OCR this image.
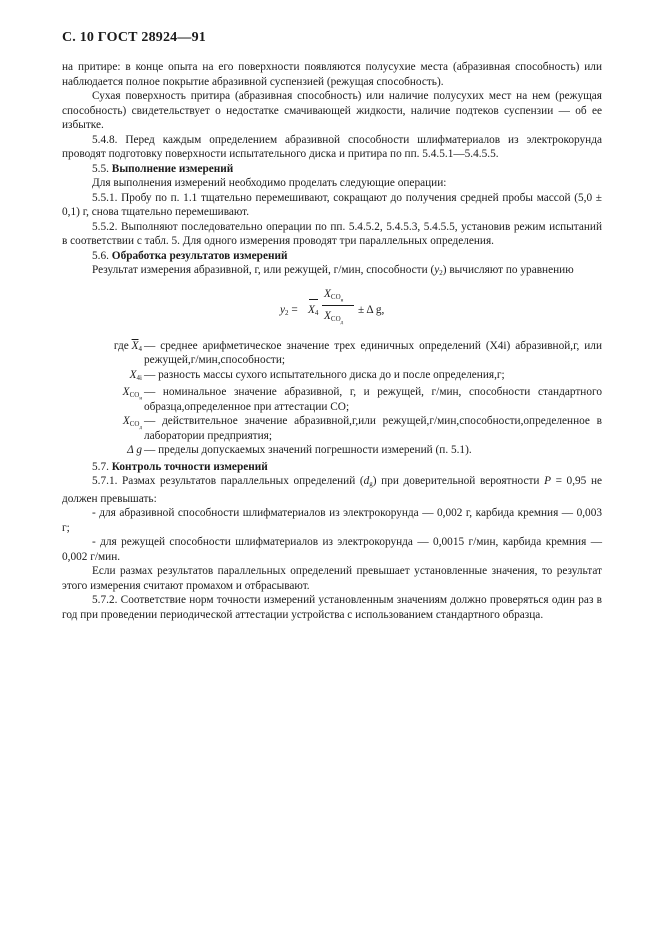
С. 10 ГОСТ 28924—91

на притире: в конце опыта на его поверхности появляются полусухие места (абразивная способность) или наблюдается полное покрытие абразивной суспензией (режущая способность).

Сухая поверхность притира (абразивная способность) или наличие полусухих мест на нем (режущая способность) свидетельствует о недостатке смачивающей жидкости, наличие подтеков суспензии — об ее избытке.

5.4.8. Перед каждым определением абразивной способности шлифматериалов из электрокорунда проводят подготовку поверхности испытательного диска и притира по пп. 5.4.5.1—5.4.5.5.

5.5. Выполнение измерений

Для выполнения измерений необходимо проделать следующие операции:

5.5.1. Пробу по п. 1.1 тщательно перемешивают, сокращают до получения средней пробы массой (5,0 ± 0,1) г, снова тщательно перемешивают.

5.5.2. Выполняют последовательно операции по пп. 5.4.5.2, 5.4.5.3, 5.4.5.5, установив режим испытаний в соответствии с табл. 5. Для одного измерения проводят три параллельных определения.

5.6. Обработка результатов измерений

Результат измерения абразивной, г, или режущей, г/мин, способности $(y_2)$ вычисляют по уравнению

$y_2 = X_4$
$X_{CO_н}$
$X_{CO_д}$
± Δ g,
где $\overline{X}_4$ — среднее арифметическое значение трех единичных определений (X4i) абразивной,г, или режущей,г/мин,способности;
$X_{4i}$ — разность массы сухого испытательного диска до и после определения,г;
$X_{CO_н}$
— номинальное значение абразивной, г, и режущей, г/мин, способности стандартного образца,определенное при аттестации СО;
$X_{CO_д}$
— действительное значение абразивной,г,или режущей,г/мин,способности,определенное в лаборатории предприятия;
Δ g — пределы допускаемых значений погрешности измерений (п. 5.1).

5.7. Контроль точности измерений

5.7.1. Размах результатов параллельных определений $(d_g)$ при доверительной вероятности P = 0,95 не должен превышать:

- для абразивной способности шлифматериалов из электрокорунда — 0,002 г, карбида кремния — 0,003 г;

- для режущей способности шлифматериалов из электрокорунда — 0,0015 г/мин, карбида кремния — 0,002 г/мин.

Если размах результатов параллельных определений превышает установленные значения, то результат этого измерения считают промахом и отбрасывают.

5.7.2. Соответствие норм точности измерений установленным значениям должно проверяться один раз в год при проведении периодической аттестации устройства с использованием стандартного образца.
